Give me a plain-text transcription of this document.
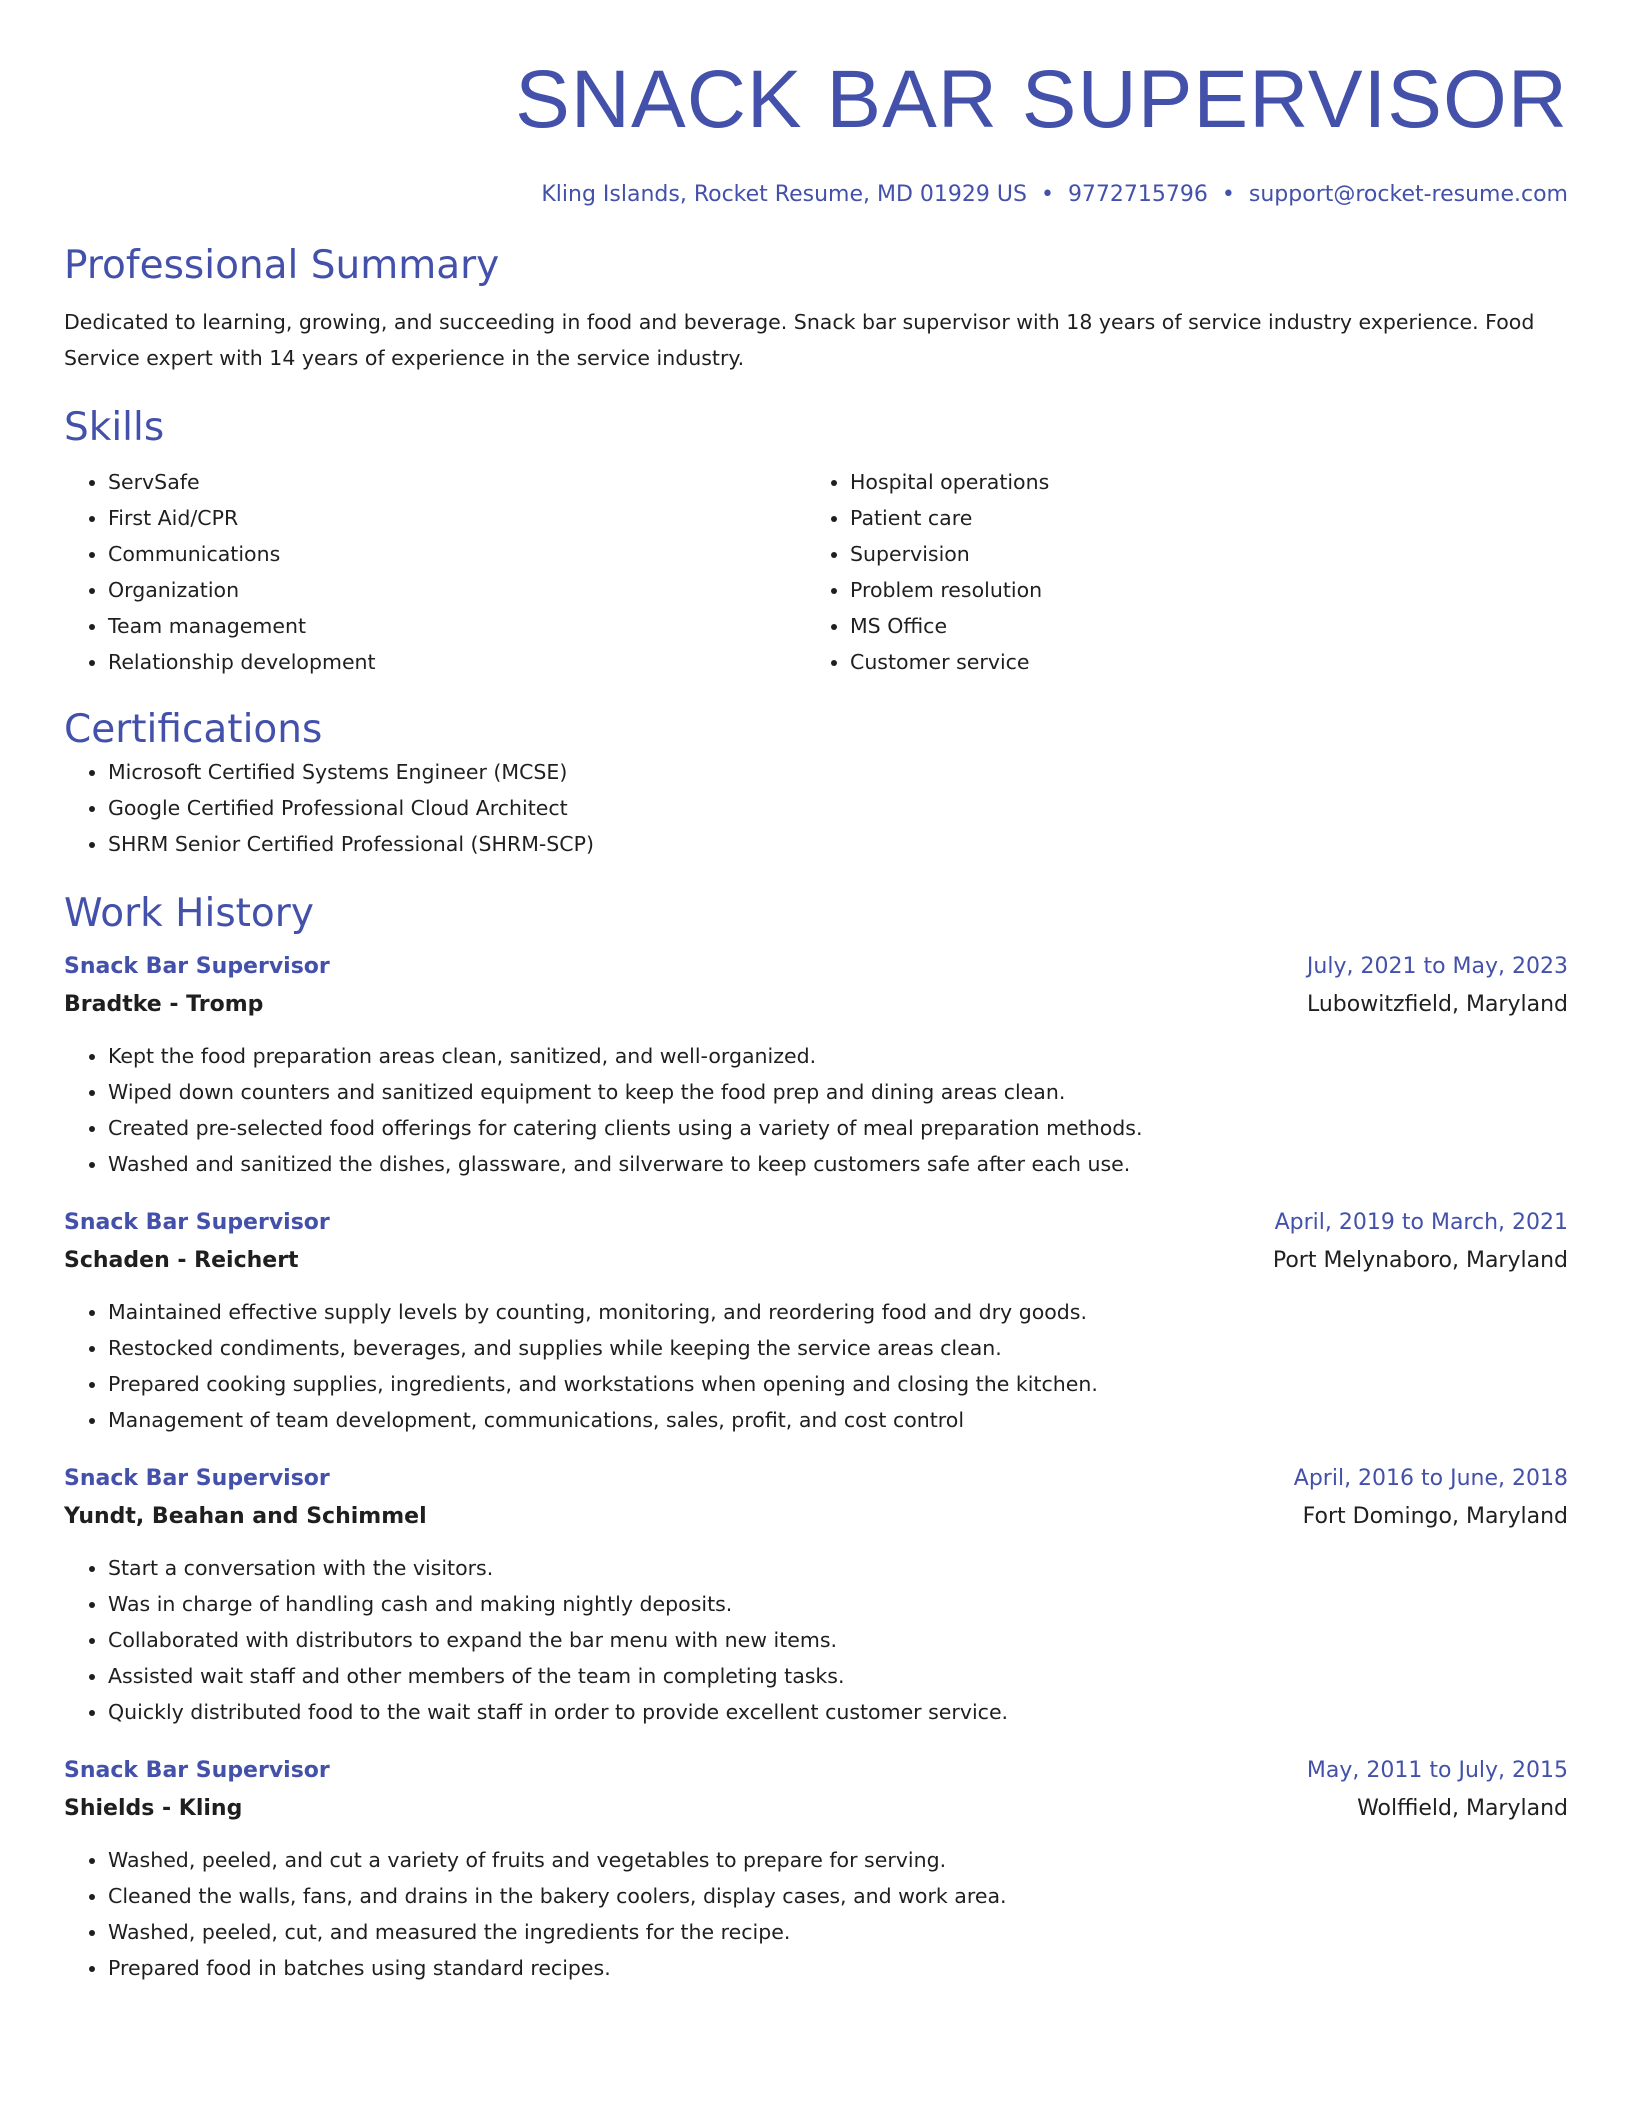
SNACK BAR SUPERVISOR
Kling Islands, Rocket Resume, MD 01929 US • 9772715796 • support@rocket-resume.com
Professional Summary
Dedicated to learning, growing, and succeeding in food and beverage. Snack bar supervisor with 18 years of service industry experience. Food Service expert with 14 years of experience in the service industry.
Skills
• ServSafe
• First Aid/CPR
• Communications
• Organization
• Team management
• Relationship development
• Hospital operations
• Patient care
• Supervision
• Problem resolution
• MS Office
• Customer service
Certifications
• Microsoft Certified Systems Engineer (MCSE)
• Google Certified Professional Cloud Architect
• SHRM Senior Certified Professional (SHRM-SCP)
Work History
Snack Bar Supervisor	July, 2021 to May, 2023
Bradtke - Tromp	Lubowitzfield, Maryland
• Kept the food preparation areas clean, sanitized, and well-organized.
• Wiped down counters and sanitized equipment to keep the food prep and dining areas clean.
• Created pre-selected food offerings for catering clients using a variety of meal preparation methods.
• Washed and sanitized the dishes, glassware, and silverware to keep customers safe after each use.
Snack Bar Supervisor	April, 2019 to March, 2021
Schaden - Reichert	Port Melynaboro, Maryland
• Maintained effective supply levels by counting, monitoring, and reordering food and dry goods.
• Restocked condiments, beverages, and supplies while keeping the service areas clean.
• Prepared cooking supplies, ingredients, and workstations when opening and closing the kitchen.
• Management of team development, communications, sales, profit, and cost control
Snack Bar Supervisor	April, 2016 to June, 2018
Yundt, Beahan and Schimmel	Fort Domingo, Maryland
• Start a conversation with the visitors.
• Was in charge of handling cash and making nightly deposits.
• Collaborated with distributors to expand the bar menu with new items.
• Assisted wait staff and other members of the team in completing tasks.
• Quickly distributed food to the wait staff in order to provide excellent customer service.
Snack Bar Supervisor	May, 2011 to July, 2015
Shields - Kling	Wolffield, Maryland
• Washed, peeled, and cut a variety of fruits and vegetables to prepare for serving.
• Cleaned the walls, fans, and drains in the bakery coolers, display cases, and work area.
• Washed, peeled, cut, and measured the ingredients for the recipe.
• Prepared food in batches using standard recipes.
